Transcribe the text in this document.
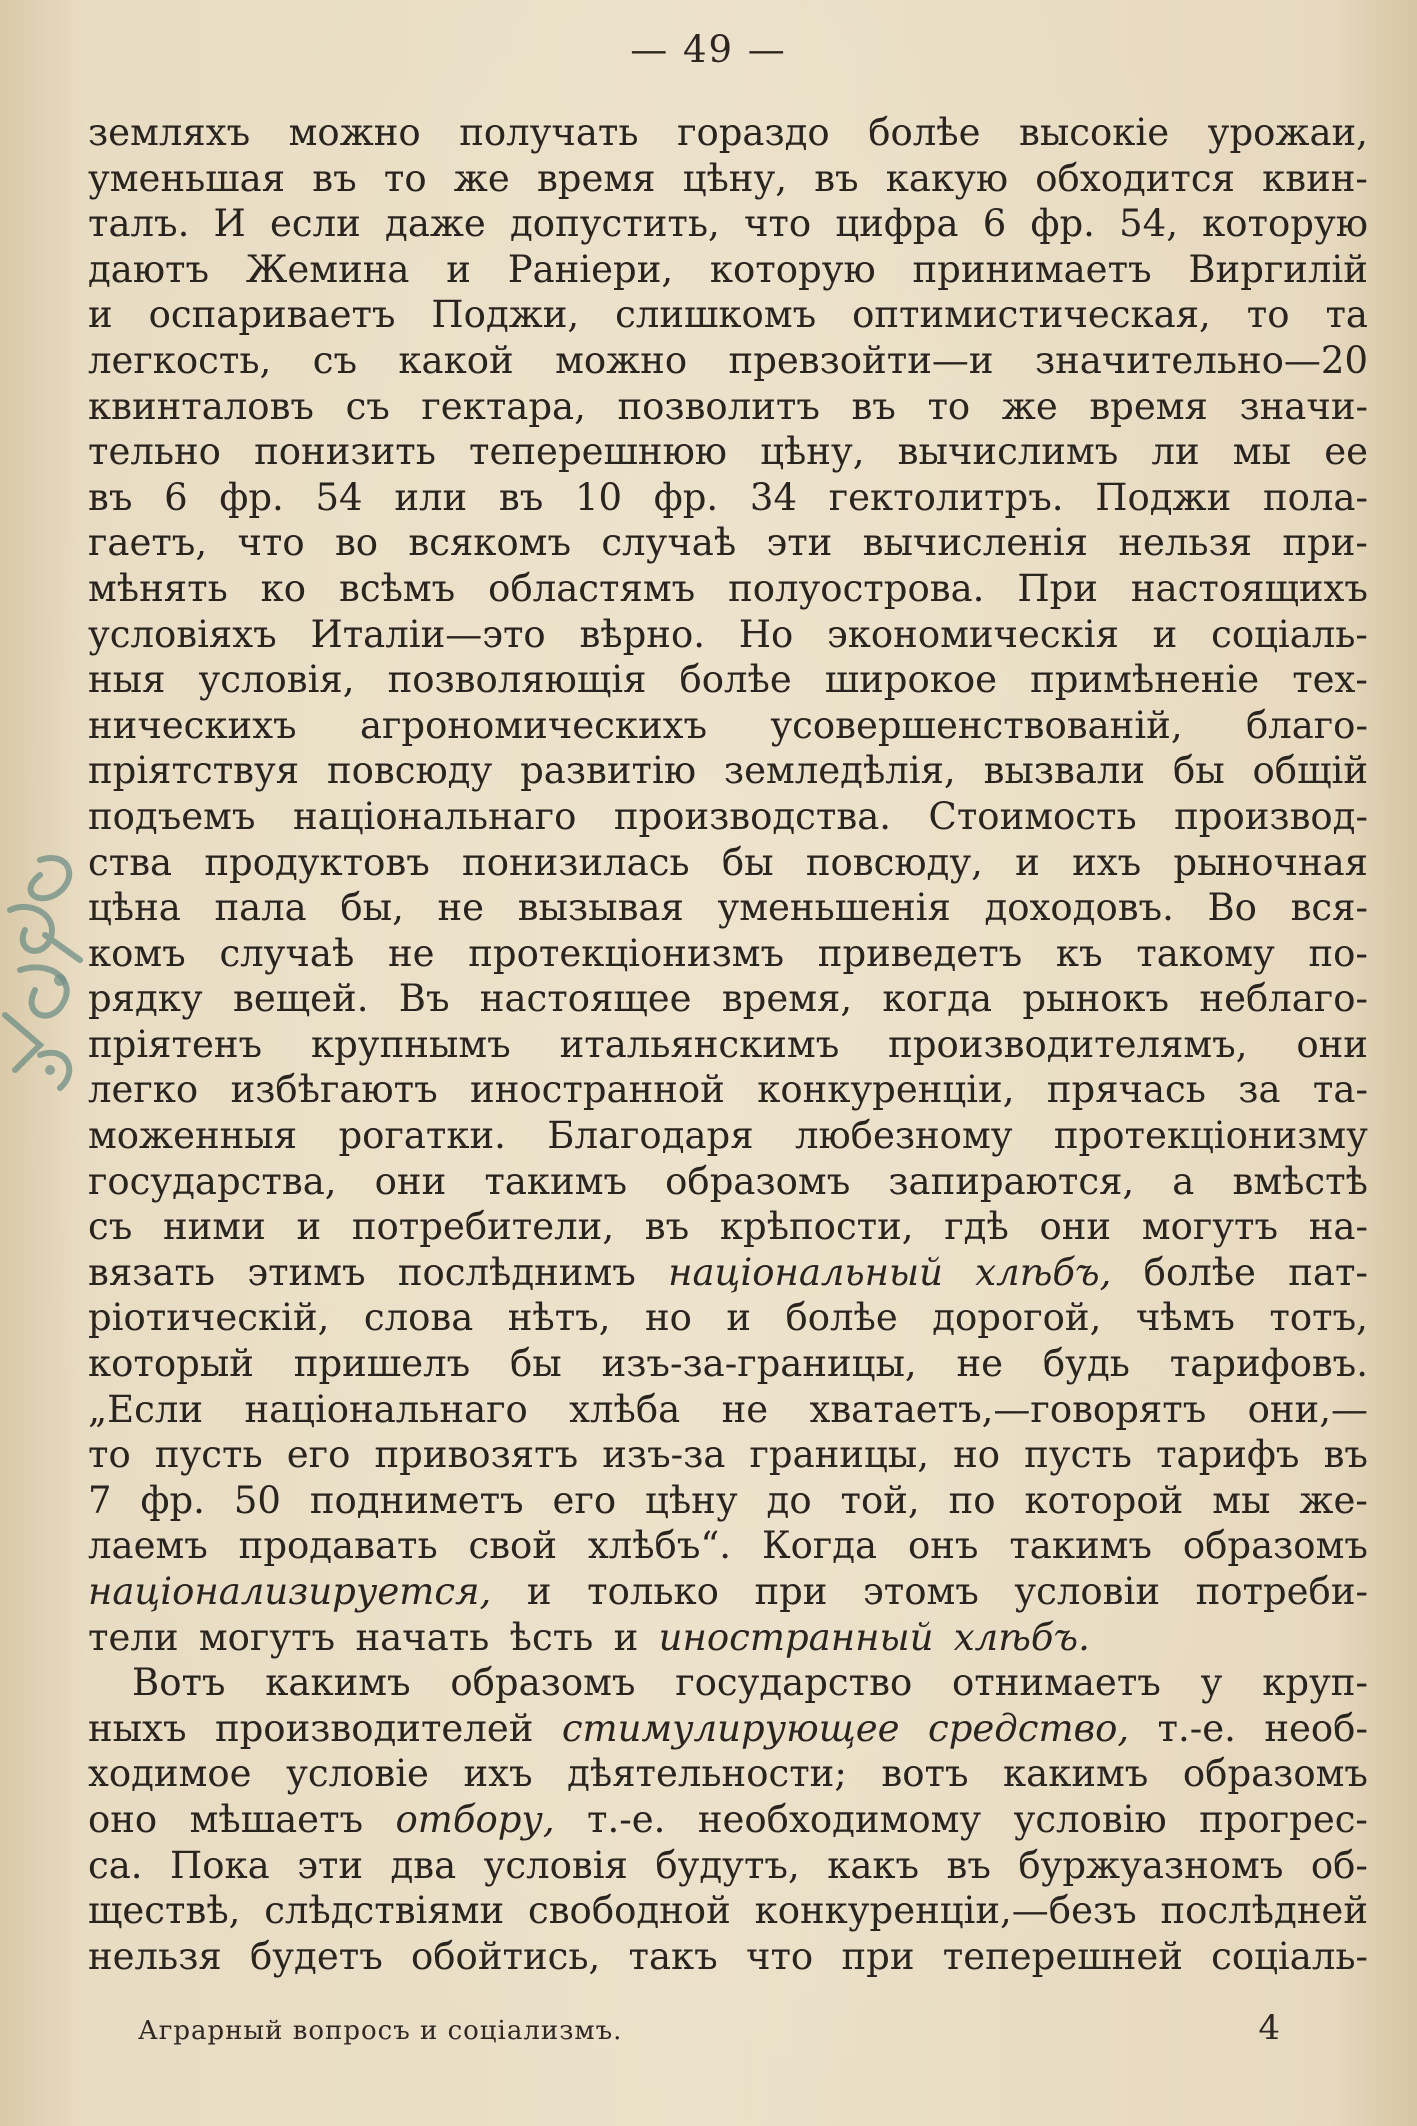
— 49 —
земляхъ можно получать гораздо болѣе высокіе урожаи,
уменьшая въ то же время цѣну, въ какую обходится квин-
талъ. И если даже допустить, что цифра 6 фр. 54, которую
даютъ Жемина и Раніери, которую принимаетъ Виргилій
и оспариваетъ Поджи, слишкомъ оптимистическая, то та
легкость, съ какой можно превзойти—и значительно—20
квинталовъ съ гектара, позволитъ въ то же время значи-
тельно понизить теперешнюю цѣну, вычислимъ ли мы ее
въ 6 фр. 54 или въ 10 фр. 34 гектолитръ. Поджи пола-
гаетъ, что во всякомъ случаѣ эти вычисленія нельзя при-
мѣнять ко всѣмъ областямъ полуострова. При настоящихъ
условіяхъ Италіи—это вѣрно. Но экономическія и соціаль-
ныя условія, позволяющія болѣе широкое примѣненіе тех-
ническихъ агрономическихъ усовершенствованій, благо-
пріятствуя повсюду развитію земледѣлія, вызвали бы общій
подъемъ національнаго производства. Стоимость производ-
ства продуктовъ понизилась бы повсюду, и ихъ рыночная
цѣна пала бы, не вызывая уменьшенія доходовъ. Во вся-
комъ случаѣ не протекціонизмъ приведетъ къ такому по-
рядку вещей. Въ настоящее время, когда рынокъ неблаго-
пріятенъ крупнымъ итальянскимъ производителямъ, они
легко избѣгаютъ иностранной конкуренціи, прячась за та-
моженныя рогатки. Благодаря любезному протекціонизму
государства, они такимъ образомъ запираются, а вмѣстѣ
съ ними и потребители, въ крѣпости, гдѣ они могутъ на-
вязать этимъ послѣднимъ національный хлѣбъ, болѣе пат-
ріотическій, слова нѣтъ, но и болѣе дорогой, чѣмъ тотъ,
который пришелъ бы изъ-за-границы, не будь тарифовъ.
„Если національнаго хлѣба не хватаетъ,—говорятъ они,—
то пусть его привозятъ изъ-за границы, но пусть тарифъ въ
7 фр. 50 подниметъ его цѣну до той, по которой мы же-
лаемъ продавать свой хлѣбъ“. Когда онъ такимъ образомъ
націонализируется, и только при этомъ условіи потреби-
тели могутъ начать ѣсть и иностранный хлѣбъ.
Вотъ какимъ образомъ государство отнимаетъ у круп-
ныхъ производителей стимулирующее средство, т.-е. необ-
ходимое условіе ихъ дѣятельности; вотъ какимъ образомъ
оно мѣшаетъ отбору, т.-е. необходимому условію прогрес-
са. Пока эти два условія будутъ, какъ въ буржуазномъ об-
ществѣ, слѣдствіями свободной конкуренціи,—безъ послѣдней
нельзя будетъ обойтись, такъ что при теперешней соціаль-
Аграрный вопросъ и соціализмъ.	4
